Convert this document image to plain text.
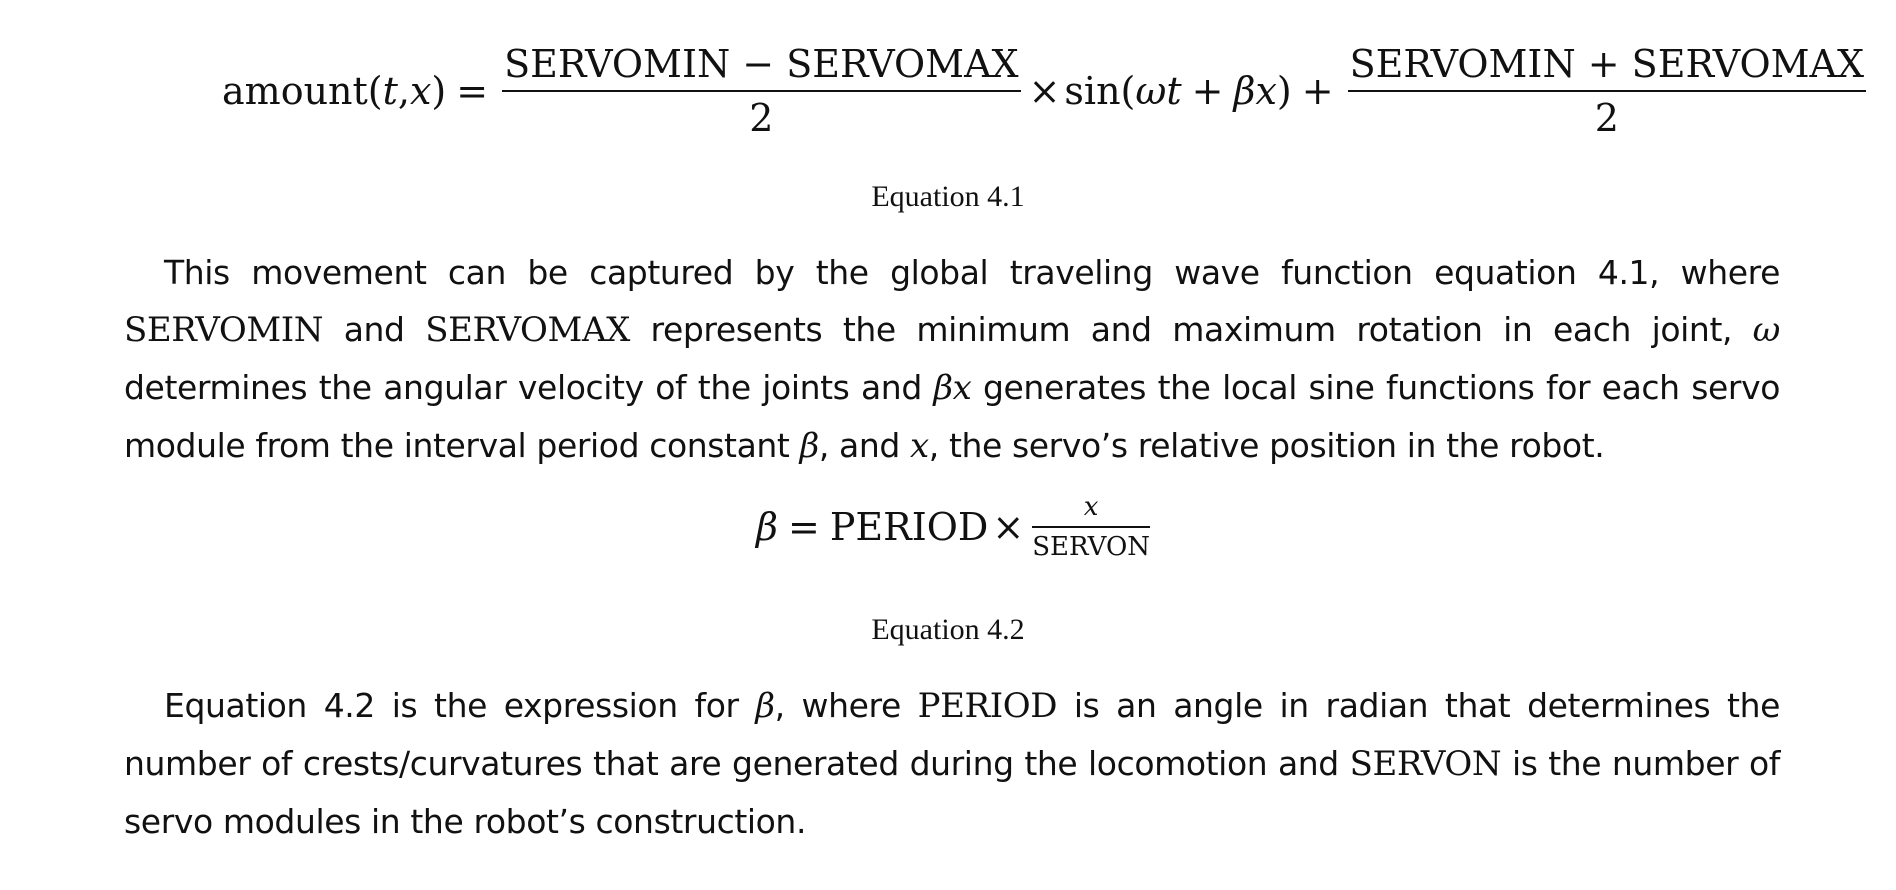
amount( t , x ) = $\frac{\text{SERVOMIN − SERVOMAX}}{2} \times \sin$( ωt + βx ) + $\frac{\text{SERVOMIN + SERVOMAX}}{2}$
Equation 4.1

This movement can be captured by the global traveling wave function equation 4.1, where SERVOMIN and SERVOMAX represents the minimum and maximum rotation in each joint, ω determines the angular velocity of the joints and βx generates the local sine functions for each servo module from the interval period constant β, and x, the servo’s relative position in the robot.

β = PERIOD × $\frac{x}{\text{SERVON}}$
Equation 4.2

Equation 4.2 is the expression for β, where PERIOD is an angle in radian that determines the number of crests/curvatures that are generated during the locomotion and SERVON is the number of servo modules in the robot’s construction.
